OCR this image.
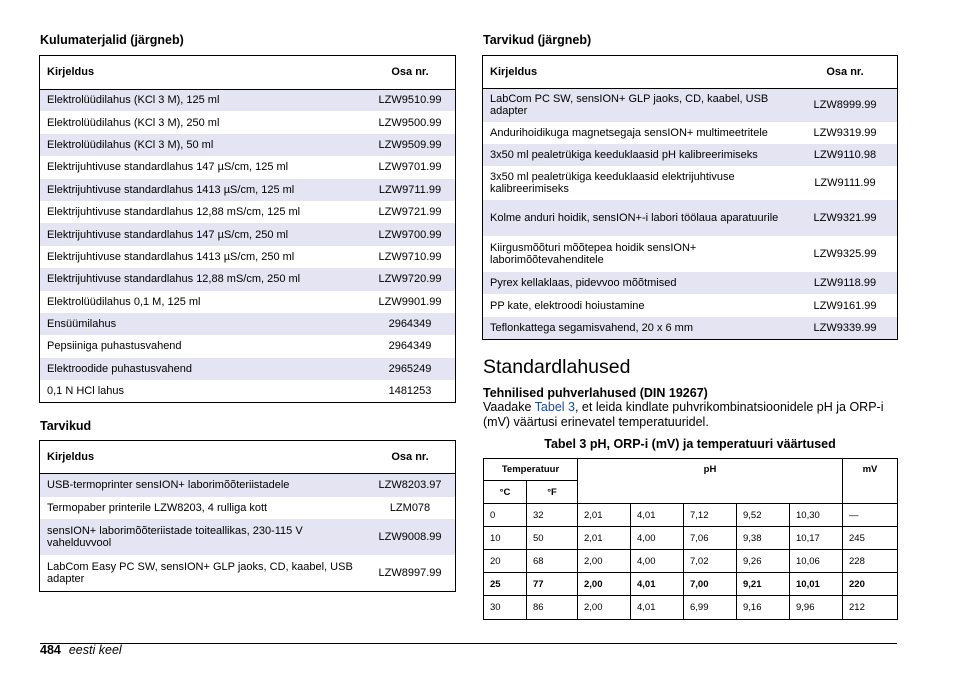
Kulumaterjalid (järgneb)
Kirjeldus	Osa nr.
Elektrolüüdilahus (KCl 3 M), 125 ml	LZW9510.99
Elektrolüüdilahus (KCl 3 M), 250 ml	LZW9500.99
Elektrolüüdilahus (KCl 3 M), 50 ml	LZW9509.99
Elektrijuhtivuse standardlahus 147 µS/cm, 125 ml	LZW9701.99
Elektrijuhtivuse standardlahus 1413 µS/cm, 125 ml	LZW9711.99
Elektrijuhtivuse standardlahus 12,88 mS/cm, 125 ml	LZW9721.99
Elektrijuhtivuse standardlahus 147 µS/cm, 250 ml	LZW9700.99
Elektrijuhtivuse standardlahus 1413 µS/cm, 250 ml	LZW9710.99
Elektrijuhtivuse standardlahus 12,88 mS/cm, 250 ml	LZW9720.99
Elektrolüüdilahus 0,1 M, 125 ml	LZW9901.99
Ensüümilahus	2964349
Pepsiiniga puhastusvahend	2964349
Elektroodide puhastusvahend	2965249
0,1 N HCl lahus	1481253
Tarvikud
Kirjeldus	Osa nr.
USB-termoprinter sensION+ laborimõõteriistadele	LZW8203.97
Termopaber printerile LZW8203, 4 rulliga kott	LZM078
sensION+ laborimõõteriistade toiteallikas, 230-115 V vahelduvvool	LZW9008.99
LabCom Easy PC SW, sensION+ GLP jaoks, CD, kaabel, USB adapter	LZW8997.99
Tarvikud (järgneb)
Kirjeldus	Osa nr.
LabCom PC SW, sensION+ GLP jaoks, CD, kaabel, USB adapter	LZW8999.99
Andurihoidikuga magnetsegaja sensION+ multimeetritele	LZW9319.99
3x50 ml pealetrükiga keeduklaasid pH kalibreerimiseks	LZW9110.98
3x50 ml pealetrükiga keeduklaasid elektrijuhtivuse kalibreerimiseks	LZW9111.99
Kolme anduri hoidik, sensION+-i labori töölaua aparatuurile	LZW9321.99
Kiirgusmõõturi mõõtepea hoidik sensION+ laborimõõtevahenditele	LZW9325.99
Pyrex kellaklaas, pidevvoo mõõtmised	LZW9118.99
PP kate, elektroodi hoiustamine	LZW9161.99
Teflonkattega segamisvahend, 20 x 6 mm	LZW9339.99
Standardlahused
Tehnilised puhverlahused (DIN 19267)
Vaadake Tabel 3, et leida kindlate puhvrikombinatsioonidele pH ja ORP-i (mV) väärtusi erinevatel temperatuuridel.
Tabel 3 pH, ORP-i (mV) ja temperatuuri väärtused
Temperatuur		pH					mV
°C	°F						
0	32	2,01	4,01	7,12	9,52	10,30	—
10	50	2,01	4,00	7,06	9,38	10,17	245
20	68	2,00	4,00	7,02	9,26	10,06	228
25	77	2,00	4,01	7,00	9,21	10,01	220
30	86	2,00	4,01	6,99	9,16	9,96	212
484 eesti keel
